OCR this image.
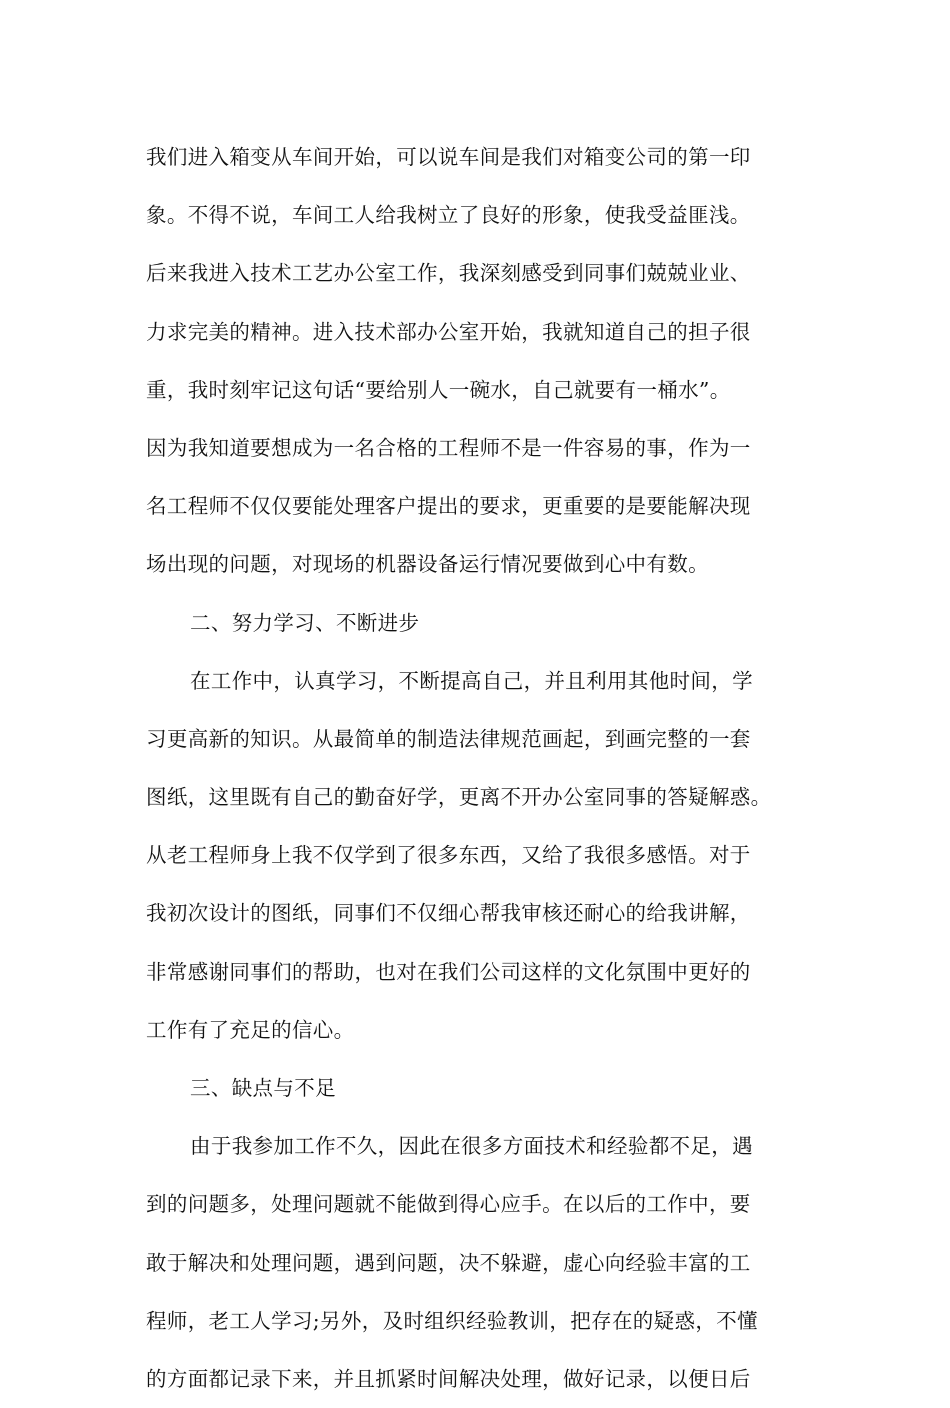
我们进入箱变从车间开始，可以说车间是我们对箱变公司的第一印
象。不得不说，车间工人给我树立了良好的形象，使我受益匪浅。
后来我进入技术工艺办公室工作，我深刻感受到同事们兢兢业业、
力求完美的精神。进入技术部办公室开始，我就知道自己的担子很
重，我时刻牢记这句话“要给别人一碗水，自己就要有一桶水”。
因为我知道要想成为一名合格的工程师不是一件容易的事，作为一
名工程师不仅仅要能处理客户提出的要求，更重要的是要能解决现
场出现的问题，对现场的机器设备运行情况要做到心中有数。
二、努力学习、不断进步
在工作中，认真学习，不断提高自己，并且利用其他时间，学
习更高新的知识。从最简单的制造法律规范画起，到画完整的一套
图纸，这里既有自己的勤奋好学，更离不开办公室同事的答疑解惑。
从老工程师身上我不仅学到了很多东西，又给了我很多感悟。对于
我初次设计的图纸，同事们不仅细心帮我审核还耐心的给我讲解，
非常感谢同事们的帮助，也对在我们公司这样的文化氛围中更好的
工作有了充足的信心。
三、缺点与不足
由于我参加工作不久，因此在很多方面技术和经验都不足，遇
到的问题多，处理问题就不能做到得心应手。在以后的工作中，要
敢于解决和处理问题，遇到问题，决不躲避，虚心向经验丰富的工
程师，老工人学习;另外，及时组织经验教训，把存在的疑惑，不懂
的方面都记录下来，并且抓紧时间解决处理，做好记录，以便日后
